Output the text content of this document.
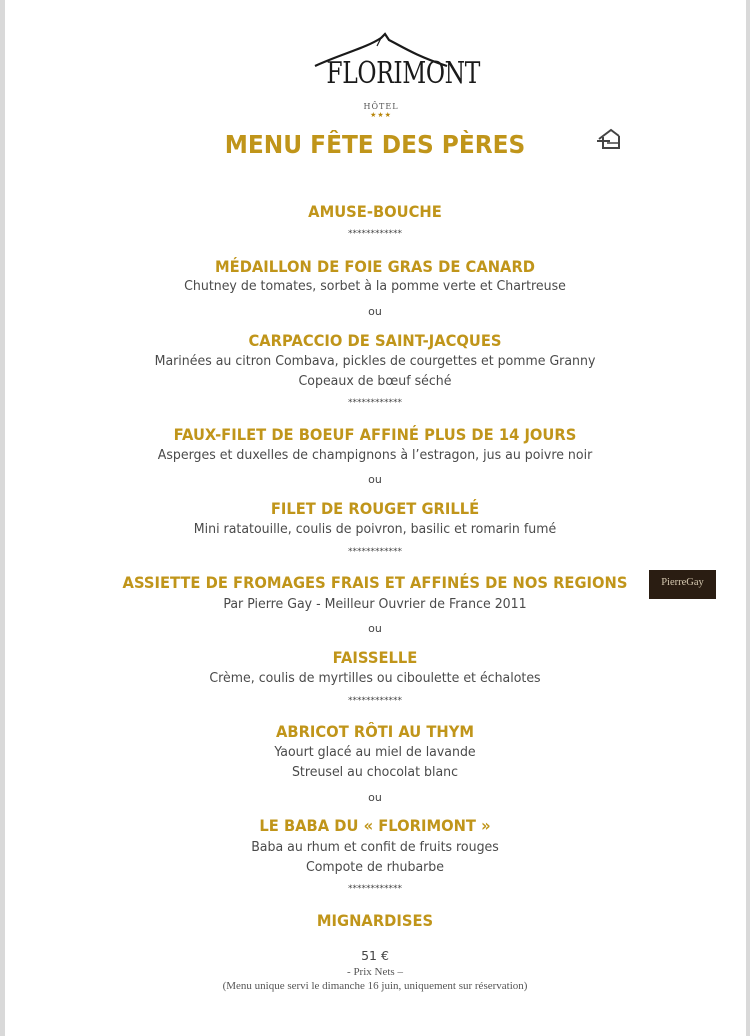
FLORIMONT
HÔTEL
★★★
MENU FÊTE DES PÈRES
AMUSE-BOUCHE
************
MÉDAILLON DE FOIE GRAS DE CANARD
Chutney de tomates, sorbet à la pomme verte et Chartreuse
ou
CARPACCIO DE SAINT-JACQUES
Marinées au citron Combava, pickles de courgettes et pomme Granny
Copeaux de bœuf séché
************
FAUX-FILET DE BOEUF AFFINÉ PLUS DE 14 JOURS
Asperges et duxelles de champignons à l’estragon, jus au poivre noir
ou
FILET DE ROUGET GRILLÉ
Mini ratatouille, coulis de poivron, basilic et romarin fumé
************
ASSIETTE DE FROMAGES FRAIS ET AFFINÉS DE NOS REGIONS
Par Pierre Gay - Meilleur Ouvrier de France 2011
ou
FAISSELLE
Crème, coulis de myrtilles ou ciboulette et échalotes
************
ABRICOT RÔTI AU THYM
Yaourt glacé au miel de lavande
Streusel au chocolat blanc
ou
LE BABA DU « FLORIMONT »
Baba au rhum et confit de fruits rouges
Compote de rhubarbe
************
MIGNARDISES
51 €
- Prix Nets –
(Menu unique servi le dimanche 16 juin, uniquement sur réservation)
PierreGay
